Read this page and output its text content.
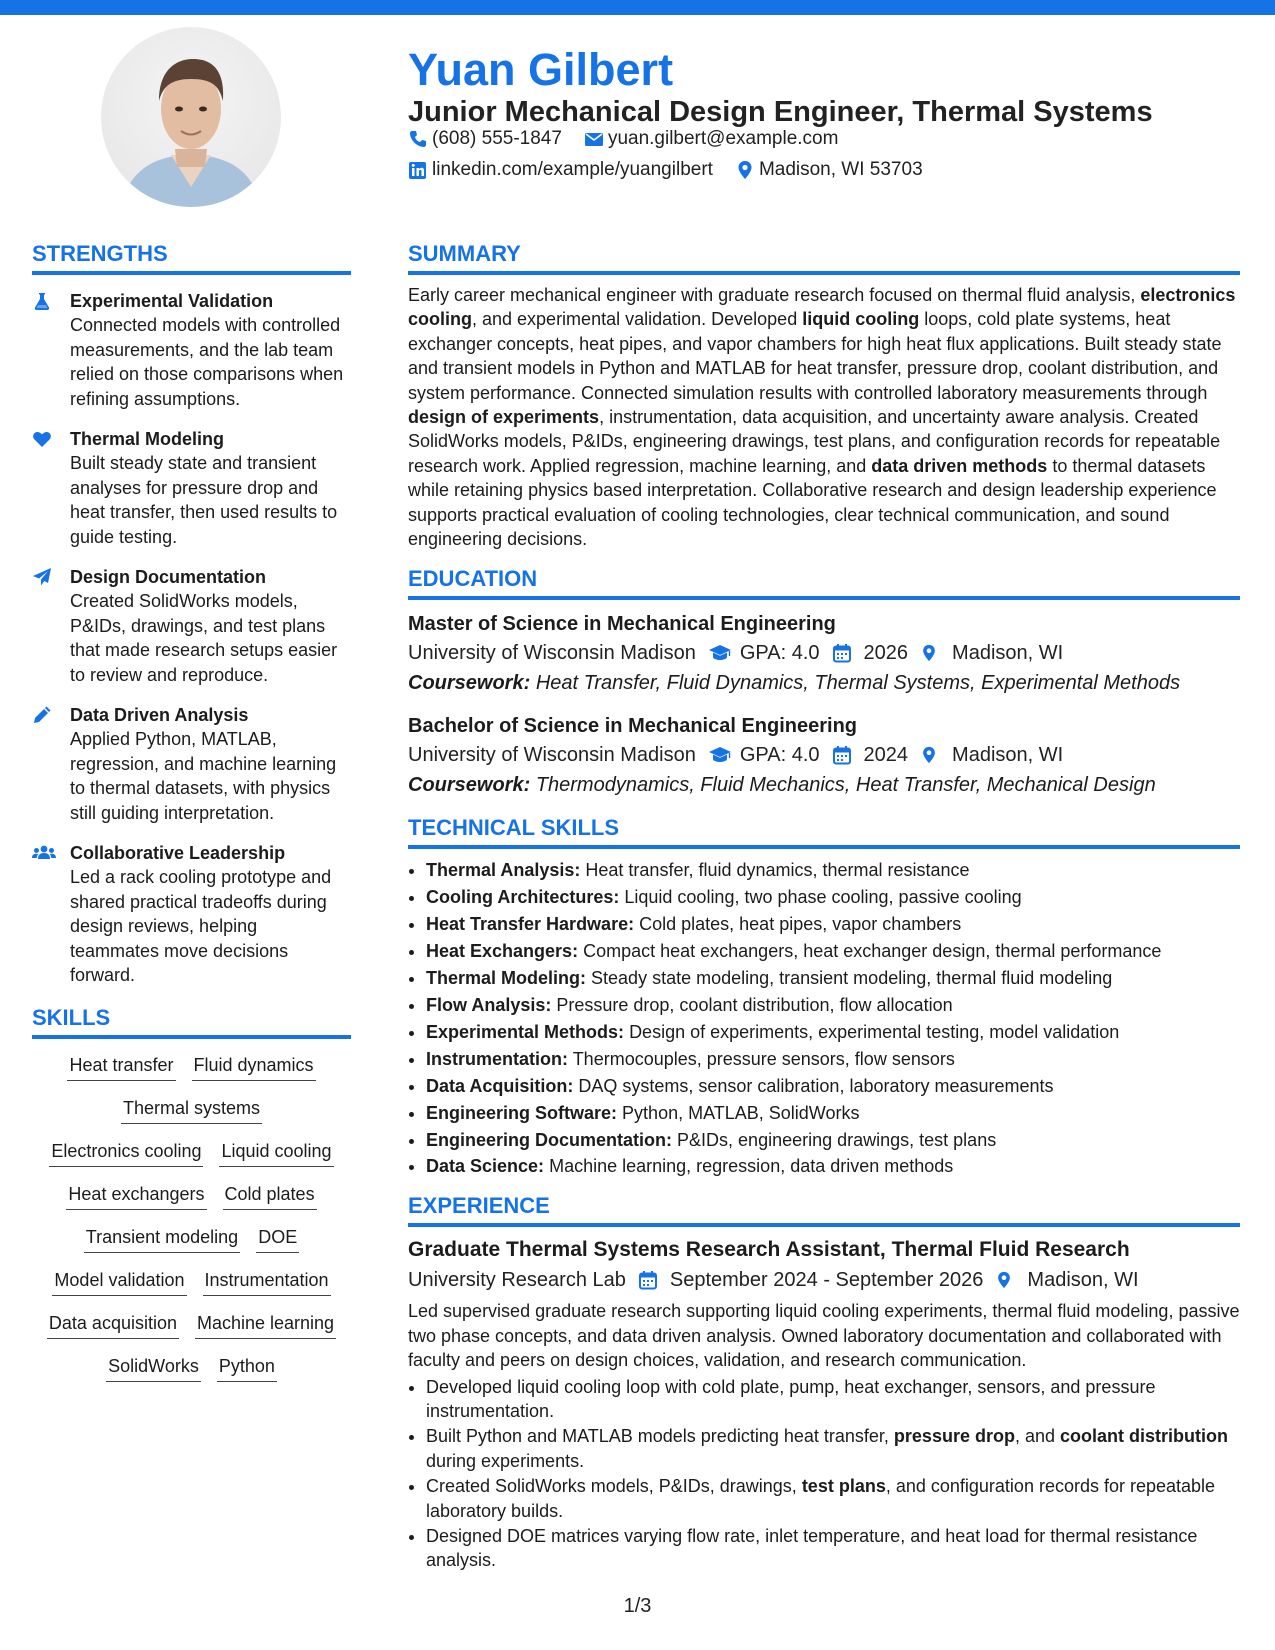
Yuan Gilbert
Junior Mechanical Design Engineer, Thermal Systems
(608) 555-1847 yuan.gilbert@example.com
linkedin.com/example/yuangilbert Madison, WI 53703
STRENGTHS
Experimental Validation

Connected models with controlled measurements, and the lab team relied on those comparisons when refining assumptions.

Thermal Modeling

Built steady state and transient analyses for pressure drop and heat transfer, then used results to guide testing.

Design Documentation

Created SolidWorks models, P&IDs, drawings, and test plans that made research setups easier to review and reproduce.

Data Driven Analysis

Applied Python, MATLAB, regression, and machine learning to thermal datasets, with physics still guiding interpretation.

Collaborative Leadership

Led a rack cooling prototype and shared practical tradeoffs during design reviews, helping teammates move decisions forward.

SKILLS
Heat transfer Fluid dynamics
Thermal systems
Electronics cooling Liquid cooling
Heat exchangers Cold plates
Transient modeling DOE
Model validation Instrumentation
Data acquisition Machine learning
SolidWorks Python
SUMMARY

Early career mechanical engineer with graduate research focused on thermal fluid analysis, electronics cooling, and experimental validation. Developed liquid cooling loops, cold plate systems, heat exchanger concepts, heat pipes, and vapor chambers for high heat flux applications. Built steady state and transient models in Python and MATLAB for heat transfer, pressure drop, coolant distribution, and system performance. Connected simulation results with controlled laboratory measurements through design of experiments, instrumentation, data acquisition, and uncertainty aware analysis. Created SolidWorks models, P&IDs, engineering drawings, test plans, and configuration records for repeatable research work. Applied regression, machine learning, and data driven methods to thermal datasets while retaining physics based interpretation. Collaborative research and design leadership experience supports practical evaluation of cooling technologies, clear technical communication, and sound engineering decisions.

EDUCATION
Master of Science in Mechanical Engineering
University of Wisconsin Madison GPA: 4.0 2026 Madison, WI

Coursework: Heat Transfer, Fluid Dynamics, Thermal Systems, Experimental Methods

Bachelor of Science in Mechanical Engineering
University of Wisconsin Madison GPA: 4.0 2024 Madison, WI

Coursework: Thermodynamics, Fluid Mechanics, Heat Transfer, Mechanical Design

TECHNICAL SKILLS
• Thermal Analysis: Heat transfer, fluid dynamics, thermal resistance
• Cooling Architectures: Liquid cooling, two phase cooling, passive cooling
• Heat Transfer Hardware: Cold plates, heat pipes, vapor chambers
• Heat Exchangers: Compact heat exchangers, heat exchanger design, thermal performance
• Thermal Modeling: Steady state modeling, transient modeling, thermal fluid modeling
• Flow Analysis: Pressure drop, coolant distribution, flow allocation
• Experimental Methods: Design of experiments, experimental testing, model validation
• Instrumentation: Thermocouples, pressure sensors, flow sensors
• Data Acquisition: DAQ systems, sensor calibration, laboratory measurements
• Engineering Software: Python, MATLAB, SolidWorks
• Engineering Documentation: P&IDs, engineering drawings, test plans
• Data Science: Machine learning, regression, data driven methods
EXPERIENCE
Graduate Thermal Systems Research Assistant, Thermal Fluid Research
University Research Lab September 2024 - September 2026 Madison, WI

Led supervised graduate research supporting liquid cooling experiments, thermal fluid modeling, passive two phase concepts, and data driven analysis. Owned laboratory documentation and collaborated with faculty and peers on design choices, validation, and research communication.

• Developed liquid cooling loop with cold plate, pump, heat exchanger, sensors, and pressure instrumentation.
• Built Python and MATLAB models predicting heat transfer, pressure drop, and coolant distribution during experiments.
• Created SolidWorks models, P&IDs, drawings, test plans, and configuration records for repeatable laboratory builds.
• Designed DOE matrices varying flow rate, inlet temperature, and heat load for thermal resistance analysis.
1/3
